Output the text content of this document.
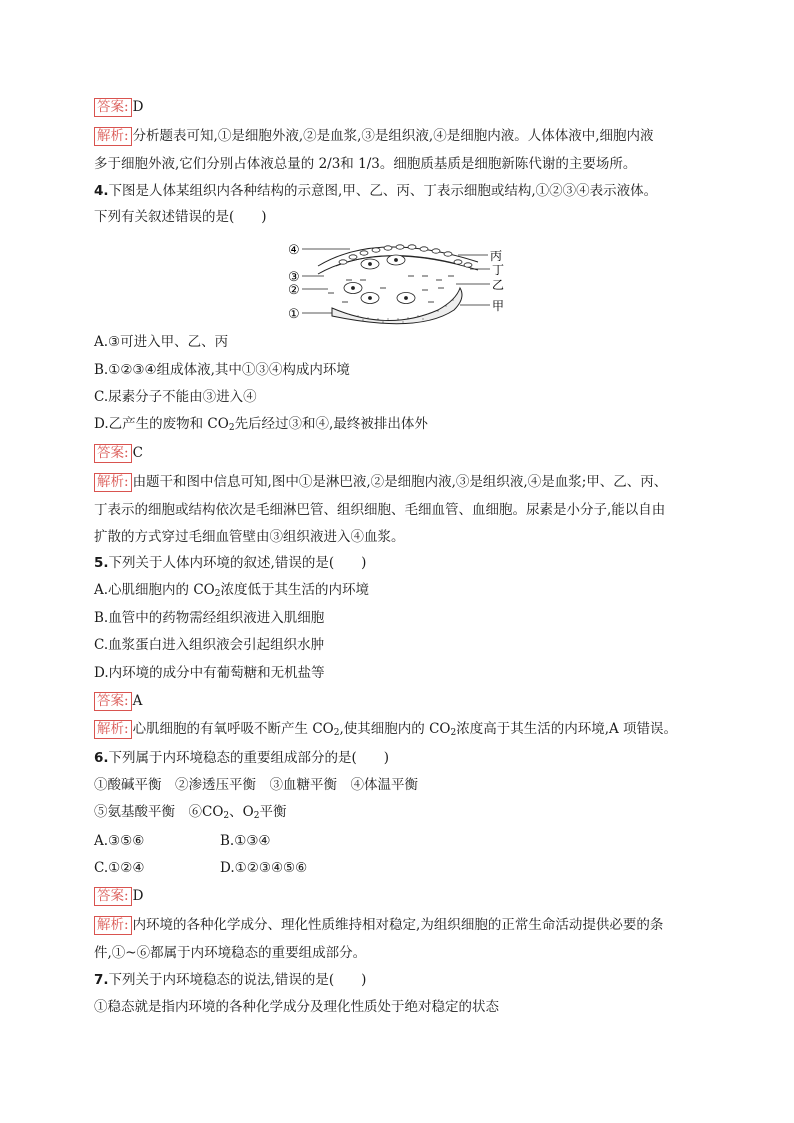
答案: D
解析: 分析题表可知,①是细胞外液,②是血浆,③是组织液,④是细胞内液。人体体液中,细胞内液
多于细胞外液,它们分别占体液总量的 2/3和 1/3。细胞质基质是细胞新陈代谢的主要场所。
4.下图是人体某组织内各种结构的示意图,甲、乙、丙、丁表示细胞或结构,①②③④表示液体。
下列有关叙述错误的是(　　)
④
③
②
①
丙
丁
乙
甲
A.③可进入甲、乙、丙
B.①②③④组成体液,其中①③④构成内环境
C.尿素分子不能由③进入④
D.乙产生的废物和 $CO_2$先后经过③和④,最终被排出体外
答案: C
解析: 由题干和图中信息可知,图中①是淋巴液,②是细胞内液,③是组织液,④是血浆;甲、乙、丙、
丁表示的细胞或结构依次是毛细淋巴管、组织细胞、毛细血管、血细胞。尿素是小分子,能以自由
扩散的方式穿过毛细血管壁由③组织液进入④血浆。
5.下列关于人体内环境的叙述,错误的是(　　)
A.心肌细胞内的 $CO_2$浓度低于其生活的内环境
B.血管中的药物需经组织液进入肌细胞
C.血浆蛋白进入组织液会引起组织水肿
D.内环境的成分中有葡萄糖和无机盐等
答案: A
解析: 心肌细胞的有氧呼吸不断产生 $CO_2$,使其细胞内的 $CO_2$浓度高于其生活的内环境,A 项错误。
6.下列属于内环境稳态的重要组成部分的是(　　)
①酸碱平衡　②渗透压平衡　③血糖平衡　④体温平衡
⑤氨基酸平衡　$⑥CO_2$、$O_2$平衡
A.③⑤⑥	B.①③④
C.①②④	D.①②③④⑤⑥
答案: D
解析: 内环境的各种化学成分、理化性质维持相对稳定,为组织细胞的正常生命活动提供必要的条
件,①~⑥都属于内环境稳态的重要组成部分。
7.下列关于内环境稳态的说法,错误的是(　　)
①稳态就是指内环境的各种化学成分及理化性质处于绝对稳定的状态
